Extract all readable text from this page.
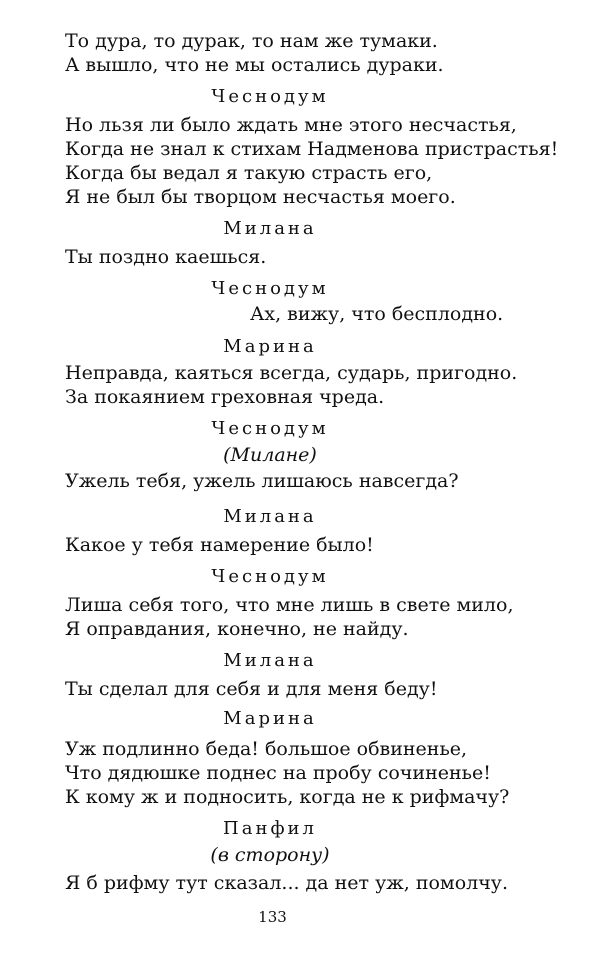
То дура, то дурак, то нам же тумаки.
А вышло, что не мы остались дураки.
Чеснодум
Но льзя ли было ждать мне этого несчастья,
Когда не знал к стихам Надменова пристрастья!
Когда бы ведал я такую страсть его,
Я не был бы творцом несчастья моего.
Милана
Ты поздно каешься.
Чеснодум
Ах, вижу, что бесплодно.
Марина
Неправда, каяться всегда, сударь, пригодно.
За покаянием греховная чреда.
Чеснодум
(Милане)
Ужель тебя, ужель лишаюсь навсегда?
Милана
Какое у тебя намерение было!
Чеснодум
Лиша себя того, что мне лишь в свете мило,
Я оправдания, конечно, не найду.
Милана
Ты сделал для себя и для меня беду!
Марина
Уж подлинно беда! большое обвиненье,
Что дядюшке поднес на пробу сочиненье!
К кому ж и подносить, когда не к рифмачу?
Панфил
(в сторону)
Я б рифму тут сказал... да нет уж, помолчу.
133
